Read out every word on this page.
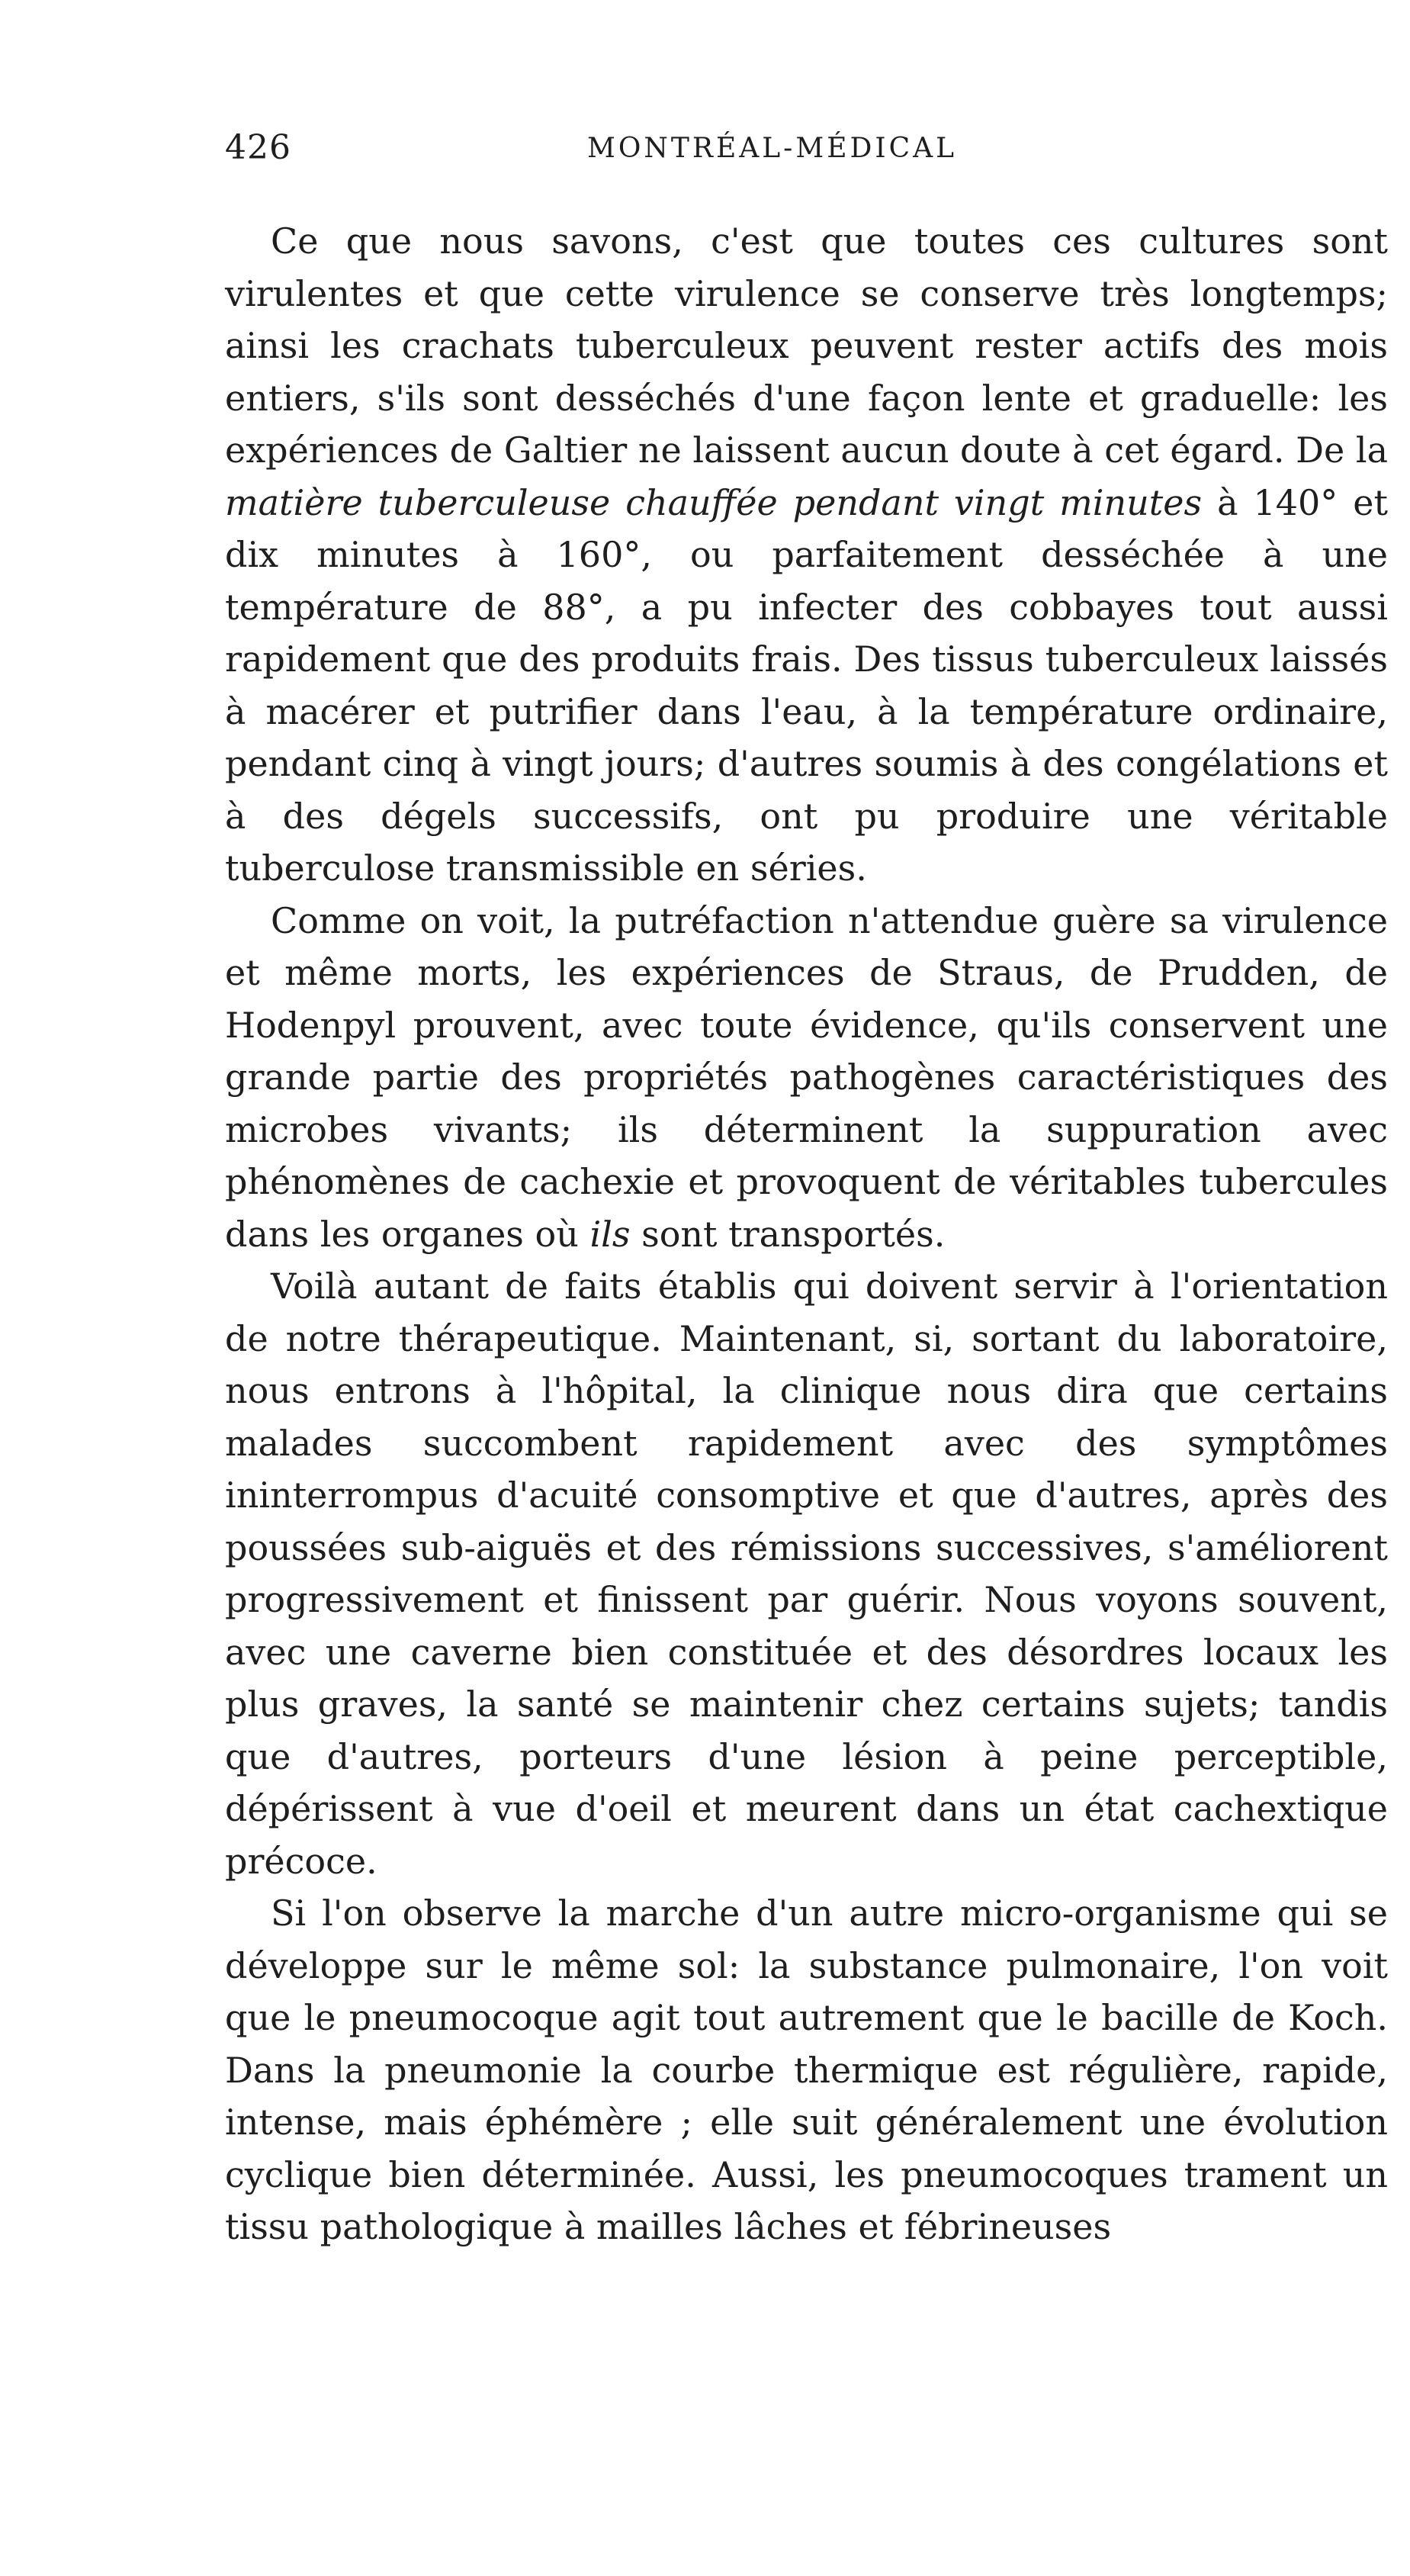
426	MONTRÉAL-MÉDICAL

Ce que nous savons, c'est que toutes ces cultures sont virulentes et que cette virulence se conserve très longtemps; ainsi les crachats tuberculeux peuvent rester actifs des mois entiers, s'ils sont desséchés d'une façon lente et graduelle: les expériences de Galtier ne laissent aucun doute à cet égard. De la matière tuberculeuse chauffée pendant vingt minutes à 140° et dix minutes à 160°, ou parfaitement desséchée à une température de 88°, a pu infecter des cobbayes tout aussi rapidement que des produits frais. Des tissus tuberculeux laissés à macérer et putrifier dans l'eau, à la température ordinaire, pendant cinq à vingt jours; d'autres soumis à des congélations et à des dégels successifs, ont pu produire une véritable tuberculose transmissible en séries.

Comme on voit, la putréfaction n'attendue guère sa virulence et même morts, les expériences de Straus, de Prudden, de Hodenpyl prouvent, avec toute évidence, qu'ils conservent une grande partie des propriétés pathogènes caractéristiques des microbes vivants; ils déterminent la suppuration avec phénomènes de cachexie et provoquent de véritables tubercules dans les organes où ils sont transportés.

Voilà autant de faits établis qui doivent servir à l'orientation de notre thérapeutique. Maintenant, si, sortant du laboratoire, nous entrons à l'hôpital, la clinique nous dira que certains malades succombent rapidement avec des symptômes ininterrompus d'acuité consomptive et que d'autres, après des poussées sub-aiguës et des rémissions successives, s'améliorent progressivement et finissent par guérir. Nous voyons souvent, avec une caverne bien constituée et des désordres locaux les plus graves, la santé se maintenir chez certains sujets; tandis que d'autres, porteurs d'une lésion à peine perceptible, dépérissent à vue d'oeil et meurent dans un état cachextique précoce.

Si l'on observe la marche d'un autre micro-organisme qui se développe sur le même sol: la substance pulmonaire, l'on voit que le pneumocoque agit tout autrement que le bacille de Koch. Dans la pneumonie la courbe thermique est régulière, rapide, intense, mais éphémère ; elle suit généralement une évolution cyclique bien déterminée. Aussi, les pneumocoques trament un tissu pathologique à mailles lâches et fébrineuses
